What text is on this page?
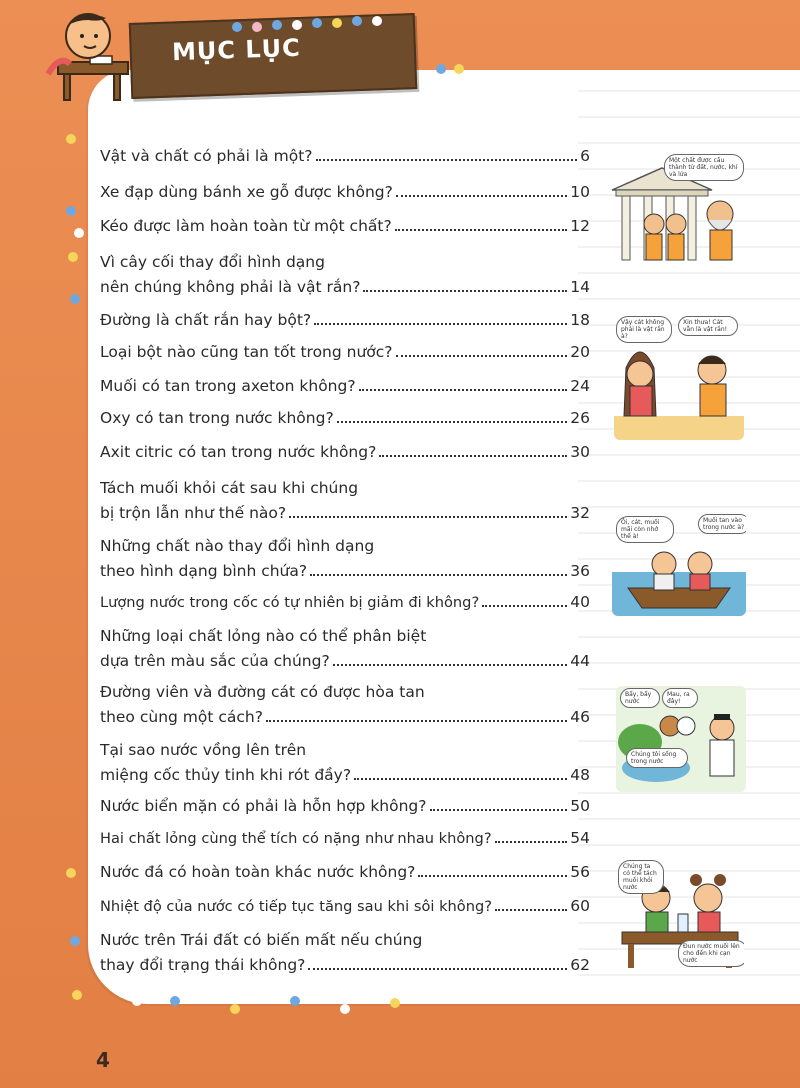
MỤC LỤC
Vật và chất có phải là một?	6
Xe đạp dùng bánh xe gỗ được không?	10
Kéo được làm hoàn toàn từ một chất?	12
Vì cây cối thay đổi hình dạng
nên chúng không phải là vật rắn?	14
Đường là chất rắn hay bột?	18
Loại bột nào cũng tan tốt trong nước?	20
Muối có tan trong axeton không?	24
Oxy có tan trong nước không?	26
Axit citric có tan trong nước không?	30
Tách muối khỏi cát sau khi chúng
bị trộn lẫn như thế nào?	32
Những chất nào thay đổi hình dạng
theo hình dạng bình chứa?	36
Lượng nước trong cốc có tự nhiên bị giảm đi không?	40
Những loại chất lỏng nào có thể phân biệt
dựa trên màu sắc của chúng?	44
Đường viên và đường cát có được hòa tan
theo cùng một cách?	46
Tại sao nước vồng lên trên
miệng cốc thủy tinh khi rót đầy?	48
Nước biển mặn có phải là hỗn hợp không?	50
Hai chất lỏng cùng thể tích có nặng như nhau không?	54
Nước đá có hoàn toàn khác nước không?	56
Nhiệt độ của nước có tiếp tục tăng sau khi sôi không?	60
Nước trên Trái đất có biến mất nếu chúng
thay đổi trạng thái không?	62
Một chất được cấu thành từ đất, nước, khí và lửa
Vậy cát không phải là vật rắn à?
Xin thưa! Cát vẫn là vật rắn!
Ôi, cát, muối mãi còn nhớ thế à!
Muối tan vào trong nước à?
Bẩy, bẩy nước
Mau, ra đây!
Chúng tôi sống trong nước
Chúng ta có thể tách muối khỏi nước
Đun nước muối lên cho đến khi cạn nước
4
